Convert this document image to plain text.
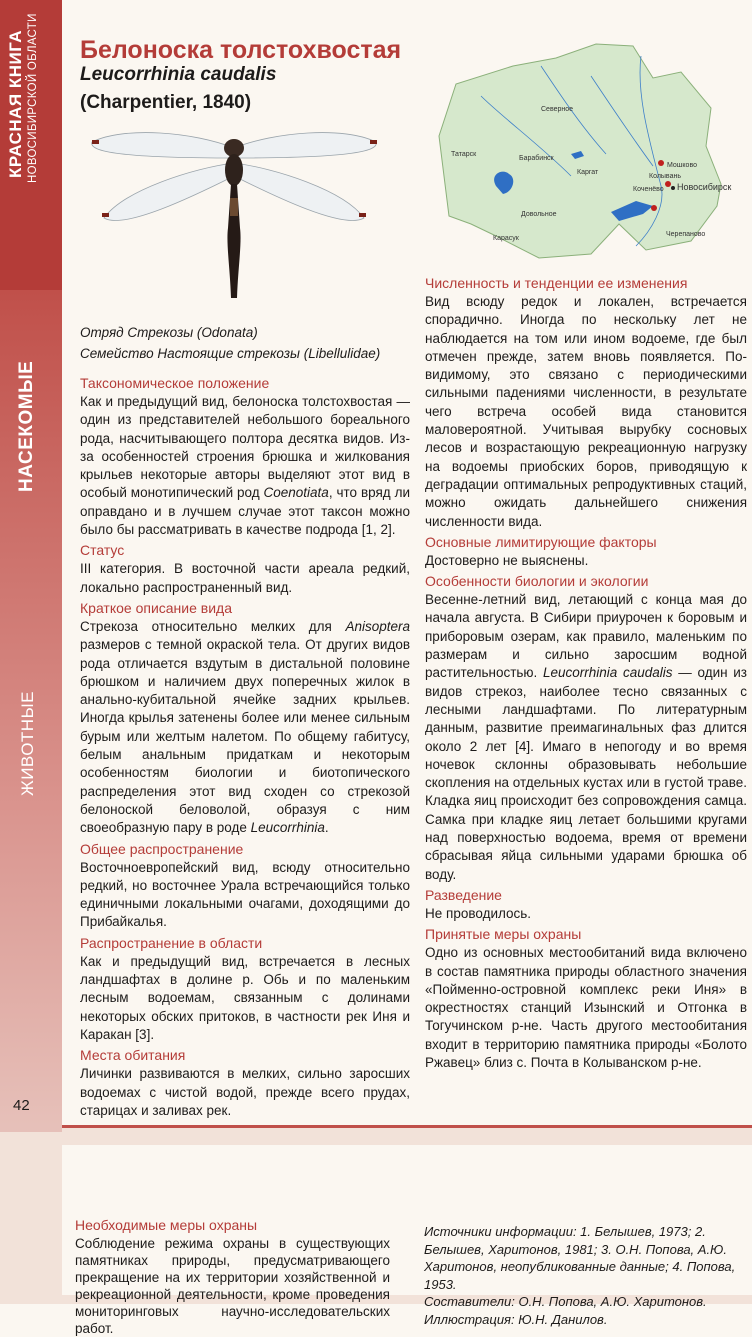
КРАСНАЯ КНИГА НОВОСИБИРСКОЙ ОБЛАСТИ
НАСЕКОМЫЕ
ЖИВОТНЫЕ
42
Белоноска толстохвостая
Leucorrhinia caudalis
(Charpentier, 1840)
Отряд Стрекозы (Odonata)
Семейство Настоящие стрекозы (Libellulidae)
Северное
Татарск
Барабинск
Каргат
Мошково
Колывань
Новосибирск
Коченёво
Довольное
Карасук
Черепаново
Таксономическое положение

Как и предыдущий вид, белоноска толстохвостая — один из представителей небольшого бореального рода, насчитывающего полтора десятка видов. Из-за особенностей строения брюшка и жилкования крыльев некоторые авторы выделяют этот вид в особый монотипический род Coenotiata, что вряд ли оправдано и в лучшем случае этот таксон можно было бы рассматривать в качестве подрода [1, 2].

Статус

III категория. В восточной части ареала редкий, локально распространенный вид.

Краткое описание вида

Стрекоза относительно мелких для Anisoptera размеров с темной окраской тела. От других видов рода отличается вздутым в дистальной половине брюшком и наличием двух поперечных жилок в анально-кубитальной ячейке задних крыльев. Иногда крылья затенены более или менее сильным бурым или желтым налетом. По общему габитусу, белым анальным придаткам и некоторым особенностям биологии и биотопического распределения этот вид сходен со стрекозой белоноской беловолой, образуя с ним своеобразную пару в роде Leucorrhinia.

Общее распространение

Восточноевропейский вид, всюду относительно редкий, но восточнее Урала встречающийся только единичными локальными очагами, доходящими до Прибайкалья.

Распространение в области

Как и предыдущий вид, встречается в лесных ландшафтах в долине р. Обь и по маленьким лесным водоемам, связанным с долинами некоторых обских притоков, в частности рек Иня и Каракан [3].

Места обитания

Личинки развиваются в мелких, сильно заросших водоемах с чистой водой, прежде всего прудах, старицах и заливах рек.

Численность и тенденции ее изменения

Вид всюду редок и локален, встречается спорадично. Иногда по нескольку лет не наблюдается на том или ином водоеме, где был отмечен прежде, затем вновь появляется. По-видимому, это связано с периодическими сильными падениями численности, в результате чего встреча особей вида становится маловероятной. Учитывая вырубку сосновых лесов и возрастающую рекреационную нагрузку на водоемы приобских боров, приводящую к деградации оптимальных репродуктивных стаций, можно ожидать дальнейшего снижения численности вида.

Основные лимитирующие факторы

Достоверно не выяснены.

Особенности биологии и экологии

Весенне-летний вид, летающий с конца мая до начала августа. В Сибири приурочен к боровым и приборовым озерам, как правило, маленьким по размерам и сильно заросшим водной растительностью. Leucorrhinia caudalis — один из видов стрекоз, наиболее тесно связанных с лесными ландшафтами. По литературным данным, развитие преимагинальных фаз длится около 2 лет [4]. Имаго в непогоду и во время ночевок склонны образовывать небольшие скопления на отдельных кустах или в густой траве. Кладка яиц происходит без сопровождения самца. Самка при кладке яиц летает большими кругами над поверхностью водоема, время от времени сбрасывая яйца сильными ударами брюшка об воду.

Разведение

Не проводилось.

Принятые меры охраны

Одно из основных местообитаний вида включено в состав памятника природы областного значения «Пойменно-островной комплекс реки Иня» в окрестностях станций Изынский и Отгонка в Тогучинском р-не. Часть другого местообитания входит в территорию памятника природы «Болото Ржавец» близ с. Почта в Колыванском р-не.

Необходимые меры охраны
Соблюдение режима охраны в существующих памятниках природы, предусматривающего прекращение на их территории хозяйственной и рекреационной деятельности, кроме проведения мониторинговых научно-исследовательских работ.
Источники информации: 1. Белышев, 1973; 2. Белышев, Харитонов, 1981; 3. О.Н. Попова, А.Ю. Харитонов, неопубликованные данные; 4. Попова, 1953.
Составители: О.Н. Попова, А.Ю. Харитонов.
Иллюстрация: Ю.Н. Данилов.
